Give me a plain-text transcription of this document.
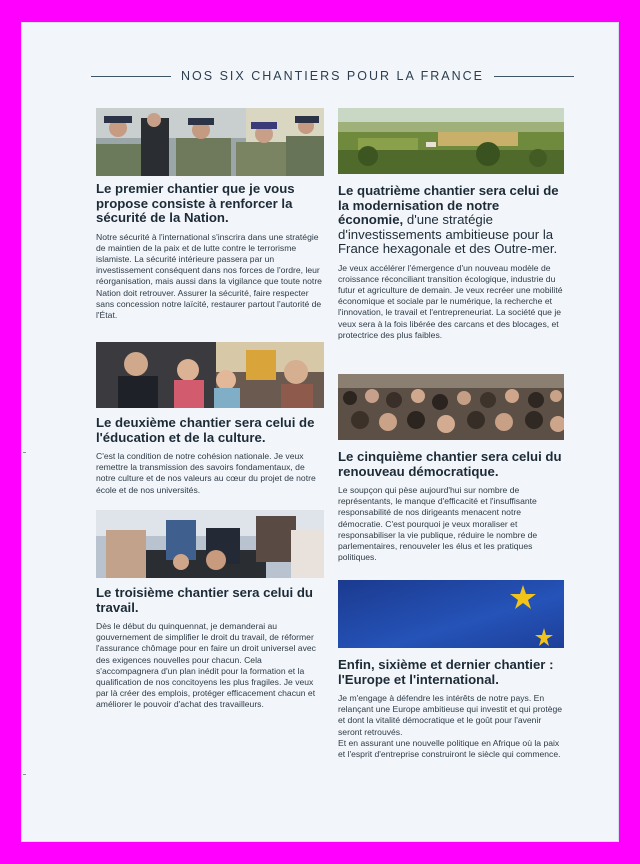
NOS SIX CHANTIERS POUR LA FRANCE

Le premier chantier que je vous propose consiste à renforcer la sécurité de la Nation.

Notre sécurité à l'international s'inscrira dans une stratégie de maintien de la paix et de lutte contre le terrorisme islamiste. La sécurité intérieure passera par un investissement conséquent dans nos forces de l'ordre, leur réorganisation, mais aussi dans la vigilance que toute notre Nation doit retrouver. Assurer la sécurité, faire respecter sans concession notre laïcité, restaurer partout l'autorité de l'État.

Le deuxième chantier sera celui de l'éducation et de la culture.

C'est la condition de notre cohésion nationale. Je veux remettre la transmission des savoirs fondamentaux, de notre culture et de nos valeurs au cœur du projet de notre école et de nos universités.

Le troisième chantier sera celui du travail.

Dès le début du quinquennat, je demanderai au gouvernement de simplifier le droit du travail, de réformer l'assurance chômage pour en faire un droit universel avec des exigences nouvelles pour chacun. Cela s'accompagnera d'un plan inédit pour la formation et la qualification de nos concitoyens les plus fragiles. Je veux par là créer des emplois, protéger efficacement chacun et améliorer le pouvoir d'achat des travailleurs.

Le quatrième chantier sera celui de la modernisation de notre économie, d'une stratégie d'investissements ambitieuse pour la France hexagonale et des Outre-mer.

Je veux accélérer l'émergence d'un nouveau modèle de croissance réconciliant transition écologique, industrie du futur et agriculture de demain. Je veux recréer une mobilité économique et sociale par le numérique, la recherche et l'innovation, le travail et l'entrepreneuriat. La société que je veux sera à la fois libérée des carcans et des blocages, et protectrice des plus faibles.

Le cinquième chantier sera celui du renouveau démocratique.

Le soupçon qui pèse aujourd'hui sur nombre de représentants, le manque d'efficacité et l'insuffisante responsabilité de nos dirigeants menacent notre démocratie. C'est pourquoi je veux moraliser et responsabiliser la vie publique, réduire le nombre de parlementaires, renouveler les élus et les pratiques politiques.

Enfin, sixième et dernier chantier : l'Europe et l'international.

Je m'engage à défendre les intérêts de notre pays. En relançant une Europe ambitieuse qui investit et qui protège et dont la vitalité démocratique et le goût pour l'avenir seront retrouvés.

Et en assurant une nouvelle politique en Afrique où la paix et l'esprit d'entreprise construiront le siècle qui commence.
